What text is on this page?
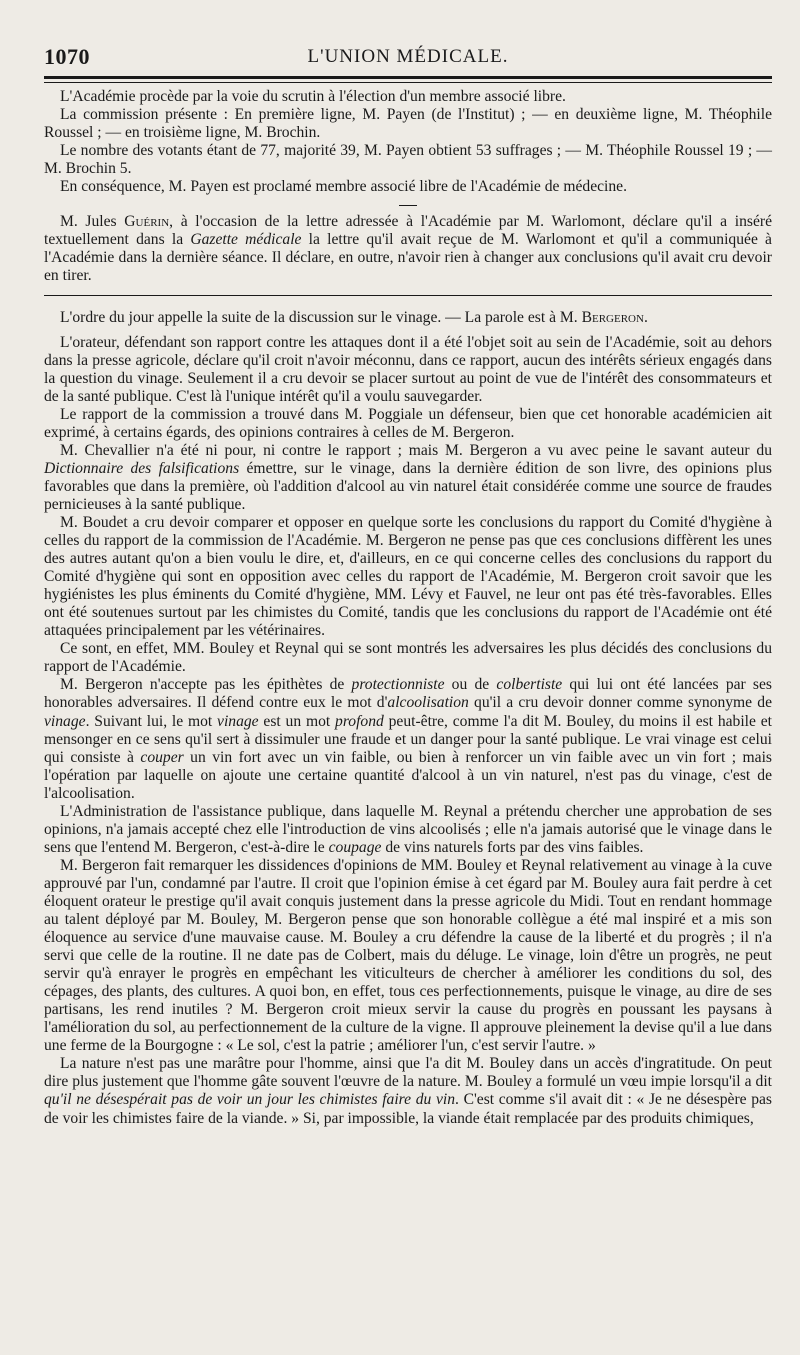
1070	L'UNION MÉDICALE.

L'Académie procède par la voie du scrutin à l'élection d'un membre associé libre.

La commission présente : En première ligne, M. Payen (de l'Institut) ; — en deuxième ligne, M. Théophile Roussel ; — en troisième ligne, M. Brochin.

Le nombre des votants étant de 77, majorité 39, M. Payen obtient 53 suffrages ; — M. Théophile Roussel 19 ; — M. Brochin 5.

En conséquence, M. Payen est proclamé membre associé libre de l'Académie de médecine.

M. Jules Guérin, à l'occasion de la lettre adressée à l'Académie par M. Warlomont, déclare qu'il a inséré textuellement dans la Gazette médicale la lettre qu'il avait reçue de M. Warlomont et qu'il a communiquée à l'Académie dans la dernière séance. Il déclare, en outre, n'avoir rien à changer aux conclusions qu'il avait cru devoir en tirer.

L'ordre du jour appelle la suite de la discussion sur le vinage. — La parole est à M. Bergeron.

L'orateur, défendant son rapport contre les attaques dont il a été l'objet soit au sein de l'Académie, soit au dehors dans la presse agricole, déclare qu'il croit n'avoir méconnu, dans ce rapport, aucun des intérêts sérieux engagés dans la question du vinage. Seulement il a cru devoir se placer surtout au point de vue de l'intérêt des consommateurs et de la santé publique. C'est là l'unique intérêt qu'il a voulu sauvegarder.

Le rapport de la commission a trouvé dans M. Poggiale un défenseur, bien que cet honorable académicien ait exprimé, à certains égards, des opinions contraires à celles de M. Bergeron.

M. Chevallier n'a été ni pour, ni contre le rapport ; mais M. Bergeron a vu avec peine le savant auteur du Dictionnaire des falsifications émettre, sur le vinage, dans la dernière édition de son livre, des opinions plus favorables que dans la première, où l'addition d'alcool au vin naturel était considérée comme une source de fraudes pernicieuses à la santé publique.

M. Boudet a cru devoir comparer et opposer en quelque sorte les conclusions du rapport du Comité d'hygiène à celles du rapport de la commission de l'Académie. M. Bergeron ne pense pas que ces conclusions diffèrent les unes des autres autant qu'on a bien voulu le dire, et, d'ailleurs, en ce qui concerne celles des conclusions du rapport du Comité d'hygiène qui sont en opposition avec celles du rapport de l'Académie, M. Bergeron croit savoir que les hygiénistes les plus éminents du Comité d'hygiène, MM. Lévy et Fauvel, ne leur ont pas été très-favorables. Elles ont été soutenues surtout par les chimistes du Comité, tandis que les conclusions du rapport de l'Académie ont été attaquées principalement par les vétérinaires.

Ce sont, en effet, MM. Bouley et Reynal qui se sont montrés les adversaires les plus décidés des conclusions du rapport de l'Académie.

M. Bergeron n'accepte pas les épithètes de protectionniste ou de colbertiste qui lui ont été lancées par ses honorables adversaires. Il défend contre eux le mot d'alcoolisation qu'il a cru devoir donner comme synonyme de vinage. Suivant lui, le mot vinage est un mot profond peut-être, comme l'a dit M. Bouley, du moins il est habile et mensonger en ce sens qu'il sert à dissimuler une fraude et un danger pour la santé publique. Le vrai vinage est celui qui consiste à couper un vin fort avec un vin faible, ou bien à renforcer un vin faible avec un vin fort ; mais l'opération par laquelle on ajoute une certaine quantité d'alcool à un vin naturel, n'est pas du vinage, c'est de l'alcoolisation.

L'Administration de l'assistance publique, dans laquelle M. Reynal a prétendu chercher une approbation de ses opinions, n'a jamais accepté chez elle l'introduction de vins alcoolisés ; elle n'a jamais autorisé que le vinage dans le sens que l'entend M. Bergeron, c'est-à-dire le coupage de vins naturels forts par des vins faibles.

M. Bergeron fait remarquer les dissidences d'opinions de MM. Bouley et Reynal relativement au vinage à la cuve approuvé par l'un, condamné par l'autre. Il croit que l'opinion émise à cet égard par M. Bouley aura fait perdre à cet éloquent orateur le prestige qu'il avait conquis justement dans la presse agricole du Midi. Tout en rendant hommage au talent déployé par M. Bouley, M. Bergeron pense que son honorable collègue a été mal inspiré et a mis son éloquence au service d'une mauvaise cause. M. Bouley a cru défendre la cause de la liberté et du progrès ; il n'a servi que celle de la routine. Il ne date pas de Colbert, mais du déluge. Le vinage, loin d'être un progrès, ne peut servir qu'à enrayer le progrès en empêchant les viticulteurs de chercher à améliorer les conditions du sol, des cépages, des plants, des cultures. A quoi bon, en effet, tous ces perfectionnements, puisque le vinage, au dire de ses partisans, les rend inutiles ? M. Bergeron croit mieux servir la cause du progrès en poussant les paysans à l'amélioration du sol, au perfectionnement de la culture de la vigne. Il approuve pleinement la devise qu'il a lue dans une ferme de la Bourgogne : « Le sol, c'est la patrie ; améliorer l'un, c'est servir l'autre. »

La nature n'est pas une marâtre pour l'homme, ainsi que l'a dit M. Bouley dans un accès d'ingratitude. On peut dire plus justement que l'homme gâte souvent l'œuvre de la nature. M. Bouley a formulé un vœu impie lorsqu'il a dit qu'il ne désespérait pas de voir un jour les chimistes faire du vin. C'est comme s'il avait dit : « Je ne désespère pas de voir les chimistes faire de la viande. » Si, par impossible, la viande était remplacée par des produits chimiques,
